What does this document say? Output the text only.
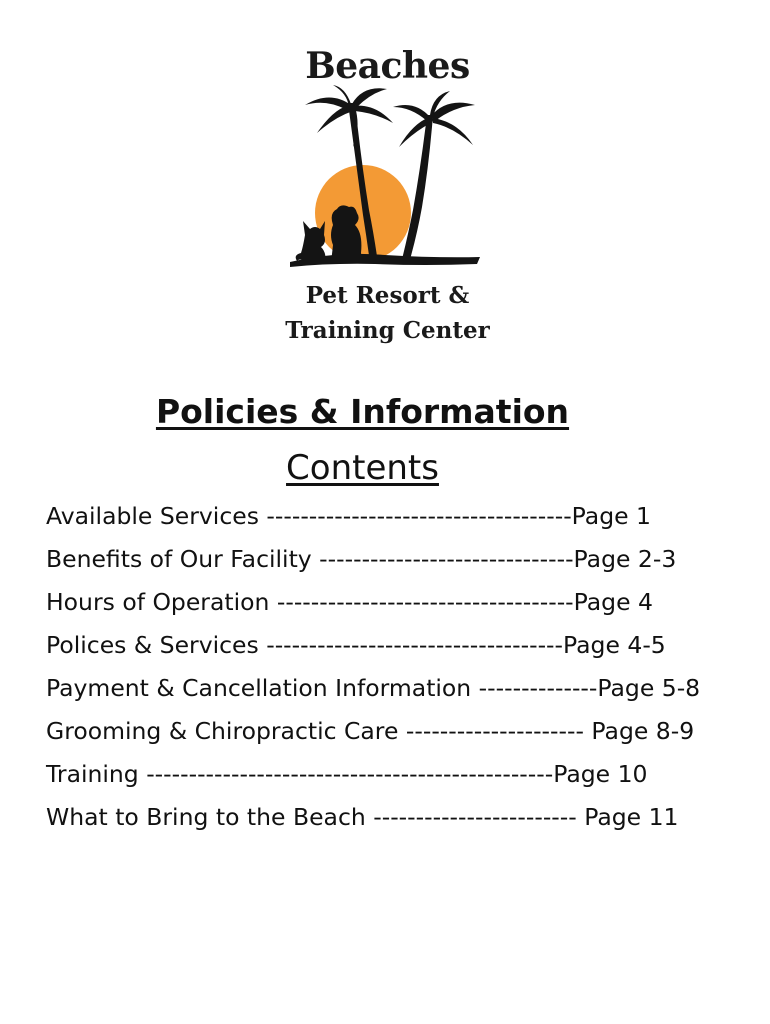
Beaches
Pet Resort &
Training Center
Policies & Information
Contents
Available Services ------------------------------------Page 1
Benefits of Our Facility ------------------------------Page 2-3
Hours of Operation -----------------------------------Page 4
Polices & Services -----------------------------------Page 4-5
Payment & Cancellation Information --------------Page 5-8
Grooming & Chiropractic Care --------------------- Page 8-9
Training ------------------------------------------------Page 10
What to Bring to the Beach ------------------------ Page 11
